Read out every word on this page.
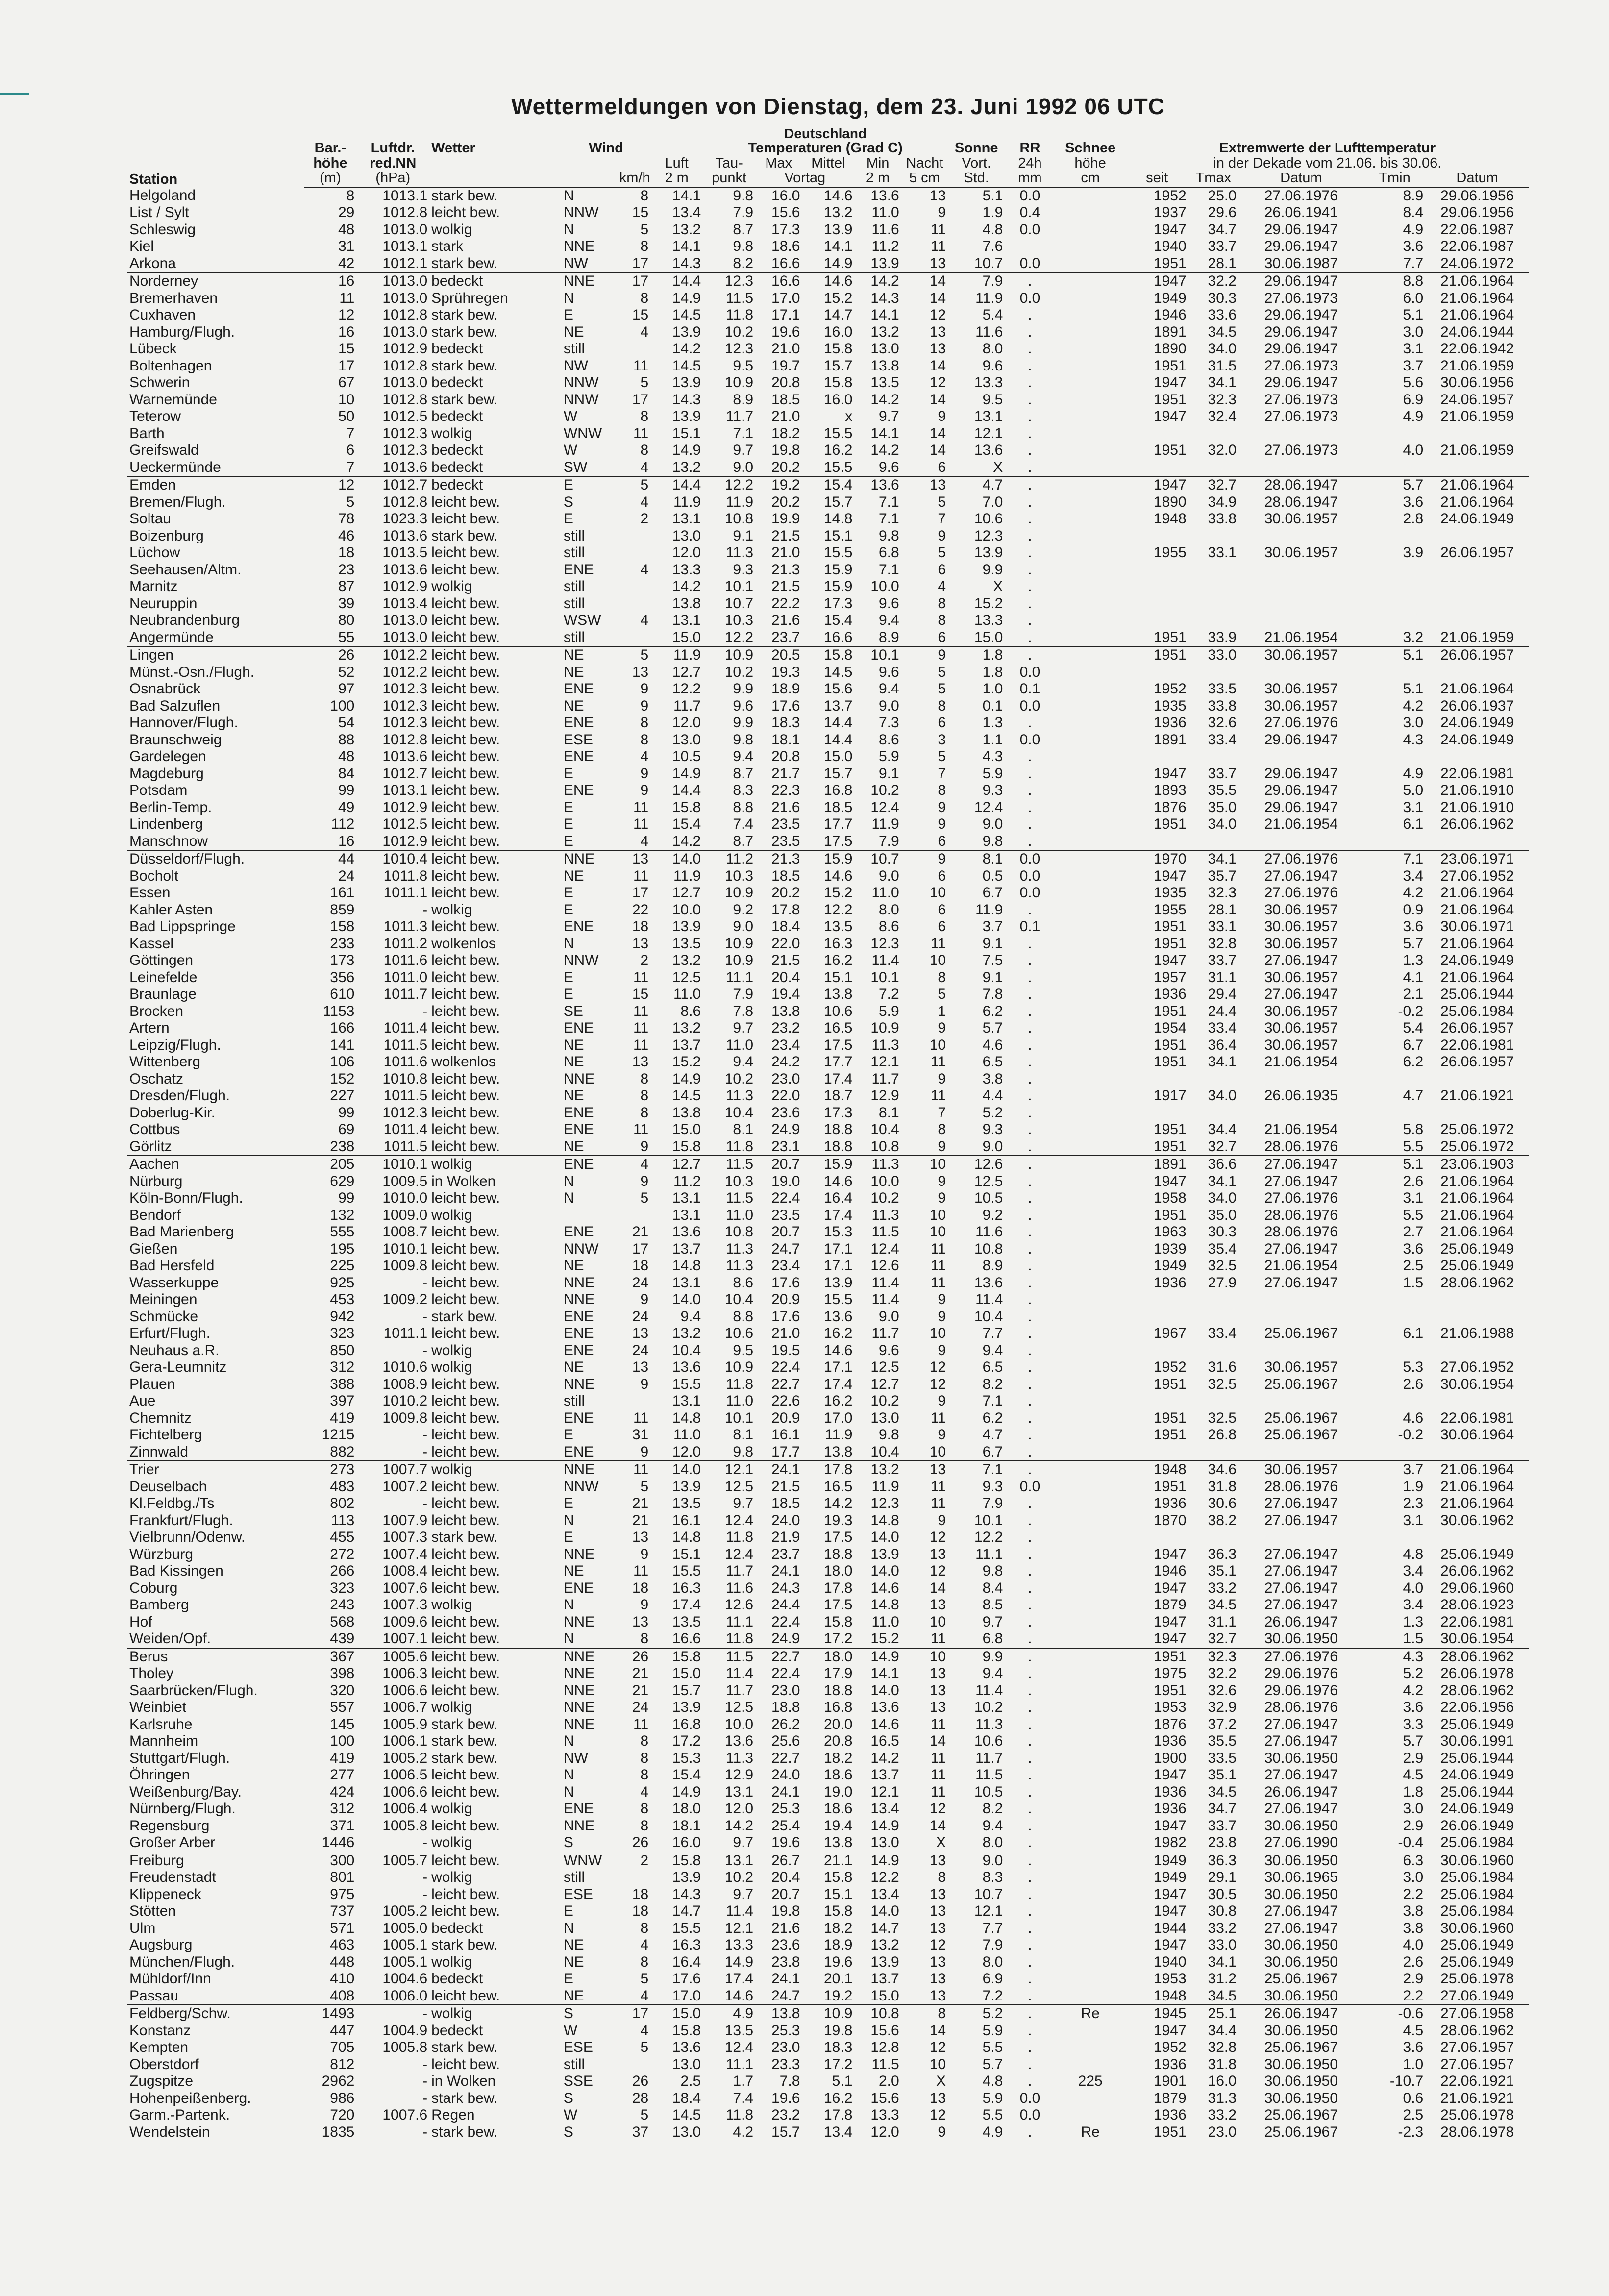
Wettermeldungen von Dienstag, dem 23. Juni 1992 06 UTC
							Deutschland												
Station	Bar.-	Luftdr.	Wetter	Wind			Temperaturen (Grad C)					Sonne	RR	Schnee	Extremwerte der Lufttemperatur				
	höhe	red.NN				Luft	Tau-	Max	Mittel	Min	Nacht	Vort.	24h	höhe	in der Dekade vom 21.06. bis 30.06.				
	(m)	(hPa)			km/h	2 m	punkt	Vortag		2 m	5 cm	Std.	mm	cm	seit	Tmax	Datum	Tmin	Datum
Helgoland	8	1013.1	stark bew.	N	8	14.1	9.8	16.0	14.6	13.6	13	5.1	0.0		1952	25.0	27.06.1976	8.9	29.06.1956
List / Sylt	29	1012.8	leicht bew.	NNW	15	13.4	7.9	15.6	13.2	11.0	9	1.9	0.4		1937	29.6	26.06.1941	8.4	29.06.1956
Schleswig	48	1013.0	wolkig	N	5	13.2	8.7	17.3	13.9	11.6	11	4.8	0.0		1947	34.7	29.06.1947	4.9	22.06.1987
Kiel	31	1013.1	stark	NNE	8	14.1	9.8	18.6	14.1	11.2	11	7.6			1940	33.7	29.06.1947	3.6	22.06.1987
Arkona	42	1012.1	stark bew.	NW	17	14.3	8.2	16.6	14.9	13.9	13	10.7	0.0		1951	28.1	30.06.1987	7.7	24.06.1972
Norderney	16	1013.0	bedeckt	NNE	17	14.4	12.3	16.6	14.6	14.2	14	7.9	.		1947	32.2	29.06.1947	8.8	21.06.1964
Bremerhaven	11	1013.0	Sprühregen	N	8	14.9	11.5	17.0	15.2	14.3	14	11.9	0.0		1949	30.3	27.06.1973	6.0	21.06.1964
Cuxhaven	12	1012.8	stark bew.	E	15	14.5	11.8	17.1	14.7	14.1	12	5.4	.		1946	33.6	29.06.1947	5.1	21.06.1964
Hamburg/Flugh.	16	1013.0	stark bew.	NE	4	13.9	10.2	19.6	16.0	13.2	13	11.6	.		1891	34.5	29.06.1947	3.0	24.06.1944
Lübeck	15	1012.9	bedeckt	still		14.2	12.3	21.0	15.8	13.0	13	8.0	.		1890	34.0	29.06.1947	3.1	22.06.1942
Boltenhagen	17	1012.8	stark bew.	NW	11	14.5	9.5	19.7	15.7	13.8	14	9.6	.		1951	31.5	27.06.1973	3.7	21.06.1959
Schwerin	67	1013.0	bedeckt	NNW	5	13.9	10.9	20.8	15.8	13.5	12	13.3	.		1947	34.1	29.06.1947	5.6	30.06.1956
Warnemünde	10	1012.8	stark bew.	NNW	17	14.3	8.9	18.5	16.0	14.2	14	9.5	.		1951	32.3	27.06.1973	6.9	24.06.1957
Teterow	50	1012.5	bedeckt	W	8	13.9	11.7	21.0	x	9.7	9	13.1	.		1947	32.4	27.06.1973	4.9	21.06.1959
Barth	7	1012.3	wolkig	WNW	11	15.1	7.1	18.2	15.5	14.1	14	12.1	.						
Greifswald	6	1012.3	bedeckt	W	8	14.9	9.7	19.8	16.2	14.2	14	13.6	.		1951	32.0	27.06.1973	4.0	21.06.1959
Ueckermünde	7	1013.6	bedeckt	SW	4	13.2	9.0	20.2	15.5	9.6	6	X	.						
Emden	12	1012.7	bedeckt	E	5	14.4	12.2	19.2	15.4	13.6	13	4.7	.		1947	32.7	28.06.1947	5.7	21.06.1964
Bremen/Flugh.	5	1012.8	leicht bew.	S	4	11.9	11.9	20.2	15.7	7.1	5	7.0	.		1890	34.9	28.06.1947	3.6	21.06.1964
Soltau	78	1023.3	leicht bew.	E	2	13.1	10.8	19.9	14.8	7.1	7	10.6	.		1948	33.8	30.06.1957	2.8	24.06.1949
Boizenburg	46	1013.6	stark bew.	still		13.0	9.1	21.5	15.1	9.8	9	12.3	.						
Lüchow	18	1013.5	leicht bew.	still		12.0	11.3	21.0	15.5	6.8	5	13.9	.		1955	33.1	30.06.1957	3.9	26.06.1957
Seehausen/Altm.	23	1013.6	leicht bew.	ENE	4	13.3	9.3	21.3	15.9	7.1	6	9.9	.						
Marnitz	87	1012.9	wolkig	still		14.2	10.1	21.5	15.9	10.0	4	X	.						
Neuruppin	39	1013.4	leicht bew.	still		13.8	10.7	22.2	17.3	9.6	8	15.2	.						
Neubrandenburg	80	1013.0	leicht bew.	WSW	4	13.1	10.3	21.6	15.4	9.4	8	13.3	.						
Angermünde	55	1013.0	leicht bew.	still		15.0	12.2	23.7	16.6	8.9	6	15.0	.		1951	33.9	21.06.1954	3.2	21.06.1959
Lingen	26	1012.2	leicht bew.	NE	5	11.9	10.9	20.5	15.8	10.1	9	1.8	.		1951	33.0	30.06.1957	5.1	26.06.1957
Münst.-Osn./Flugh.	52	1012.2	leicht bew.	NE	13	12.7	10.2	19.3	14.5	9.6	5	1.8	0.0						
Osnabrück	97	1012.3	leicht bew.	ENE	9	12.2	9.9	18.9	15.6	9.4	5	1.0	0.1		1952	33.5	30.06.1957	5.1	21.06.1964
Bad Salzuflen	100	1012.3	leicht bew.	NE	9	11.7	9.6	17.6	13.7	9.0	8	0.1	0.0		1935	33.8	30.06.1957	4.2	26.06.1937
Hannover/Flugh.	54	1012.3	leicht bew.	ENE	8	12.0	9.9	18.3	14.4	7.3	6	1.3	.		1936	32.6	27.06.1976	3.0	24.06.1949
Braunschweig	88	1012.8	leicht bew.	ESE	8	13.0	9.8	18.1	14.4	8.6	3	1.1	0.0		1891	33.4	29.06.1947	4.3	24.06.1949
Gardelegen	48	1013.6	leicht bew.	ENE	4	10.5	9.4	20.8	15.0	5.9	5	4.3	.						
Magdeburg	84	1012.7	leicht bew.	E	9	14.9	8.7	21.7	15.7	9.1	7	5.9	.		1947	33.7	29.06.1947	4.9	22.06.1981
Potsdam	99	1013.1	leicht bew.	ENE	9	14.4	8.3	22.3	16.8	10.2	8	9.3	.		1893	35.5	29.06.1947	5.0	21.06.1910
Berlin-Temp.	49	1012.9	leicht bew.	E	11	15.8	8.8	21.6	18.5	12.4	9	12.4	.		1876	35.0	29.06.1947	3.1	21.06.1910
Lindenberg	112	1012.5	leicht bew.	E	11	15.4	7.4	23.5	17.7	11.9	9	9.0	.		1951	34.0	21.06.1954	6.1	26.06.1962
Manschnow	16	1012.9	leicht bew.	E	4	14.2	8.7	23.5	17.5	7.9	6	9.8	.						
Düsseldorf/Flugh.	44	1010.4	leicht bew.	NNE	13	14.0	11.2	21.3	15.9	10.7	9	8.1	0.0		1970	34.1	27.06.1976	7.1	23.06.1971
Bocholt	24	1011.8	leicht bew.	NE	11	11.9	10.3	18.5	14.6	9.0	6	0.5	0.0		1947	35.7	27.06.1947	3.4	27.06.1952
Essen	161	1011.1	leicht bew.	E	17	12.7	10.9	20.2	15.2	11.0	10	6.7	0.0		1935	32.3	27.06.1976	4.2	21.06.1964
Kahler Asten	859	-	wolkig	E	22	10.0	9.2	17.8	12.2	8.0	6	11.9	.		1955	28.1	30.06.1957	0.9	21.06.1964
Bad Lippspringe	158	1011.3	leicht bew.	ENE	18	13.9	9.0	18.4	13.5	8.6	6	3.7	0.1		1951	33.1	30.06.1957	3.6	30.06.1971
Kassel	233	1011.2	wolkenlos	N	13	13.5	10.9	22.0	16.3	12.3	11	9.1	.		1951	32.8	30.06.1957	5.7	21.06.1964
Göttingen	173	1011.6	leicht bew.	NNW	2	13.2	10.9	21.5	16.2	11.4	10	7.5	.		1947	33.7	27.06.1947	1.3	24.06.1949
Leinefelde	356	1011.0	leicht bew.	E	11	12.5	11.1	20.4	15.1	10.1	8	9.1	.		1957	31.1	30.06.1957	4.1	21.06.1964
Braunlage	610	1011.7	leicht bew.	E	15	11.0	7.9	19.4	13.8	7.2	5	7.8	.		1936	29.4	27.06.1947	2.1	25.06.1944
Brocken	1153	-	leicht bew.	SE	11	8.6	7.8	13.8	10.6	5.9	1	6.2	.		1951	24.4	30.06.1957	-0.2	25.06.1984
Artern	166	1011.4	leicht bew.	ENE	11	13.2	9.7	23.2	16.5	10.9	9	5.7	.		1954	33.4	30.06.1957	5.4	26.06.1957
Leipzig/Flugh.	141	1011.5	leicht bew.	NE	11	13.7	11.0	23.4	17.5	11.3	10	4.6	.		1951	36.4	30.06.1957	6.7	22.06.1981
Wittenberg	106	1011.6	wolkenlos	NE	13	15.2	9.4	24.2	17.7	12.1	11	6.5	.		1951	34.1	21.06.1954	6.2	26.06.1957
Oschatz	152	1010.8	leicht bew.	NNE	8	14.9	10.2	23.0	17.4	11.7	9	3.8	.						
Dresden/Flugh.	227	1011.5	leicht bew.	NE	8	14.5	11.3	22.0	18.7	12.9	11	4.4	.		1917	34.0	26.06.1935	4.7	21.06.1921
Doberlug-Kir.	99	1012.3	leicht bew.	ENE	8	13.8	10.4	23.6	17.3	8.1	7	5.2	.						
Cottbus	69	1011.4	leicht bew.	ENE	11	15.0	8.1	24.9	18.8	10.4	8	9.3	.		1951	34.4	21.06.1954	5.8	25.06.1972
Görlitz	238	1011.5	leicht bew.	NE	9	15.8	11.8	23.1	18.8	10.8	9	9.0	.		1951	32.7	28.06.1976	5.5	25.06.1972
Aachen	205	1010.1	wolkig	ENE	4	12.7	11.5	20.7	15.9	11.3	10	12.6	.		1891	36.6	27.06.1947	5.1	23.06.1903
Nürburg	629	1009.5	in Wolken	N	9	11.2	10.3	19.0	14.6	10.0	9	12.5	.		1947	34.1	27.06.1947	2.6	21.06.1964
Köln-Bonn/Flugh.	99	1010.0	leicht bew.	N	5	13.1	11.5	22.4	16.4	10.2	9	10.5	.		1958	34.0	27.06.1976	3.1	21.06.1964
Bendorf	132	1009.0	wolkig			13.1	11.0	23.5	17.4	11.3	10	9.2	.		1951	35.0	28.06.1976	5.5	21.06.1964
Bad Marienberg	555	1008.7	leicht bew.	ENE	21	13.6	10.8	20.7	15.3	11.5	10	11.6	.		1963	30.3	28.06.1976	2.7	21.06.1964
Gießen	195	1010.1	leicht bew.	NNW	17	13.7	11.3	24.7	17.1	12.4	11	10.8	.		1939	35.4	27.06.1947	3.6	25.06.1949
Bad Hersfeld	225	1009.8	leicht bew.	NE	18	14.8	11.3	23.4	17.1	12.6	11	8.9	.		1949	32.5	21.06.1954	2.5	25.06.1949
Wasserkuppe	925	-	leicht bew.	NNE	24	13.1	8.6	17.6	13.9	11.4	11	13.6	.		1936	27.9	27.06.1947	1.5	28.06.1962
Meiningen	453	1009.2	leicht bew.	NNE	9	14.0	10.4	20.9	15.5	11.4	9	11.4	.						
Schmücke	942	-	stark bew.	ENE	24	9.4	8.8	17.6	13.6	9.0	9	10.4	.						
Erfurt/Flugh.	323	1011.1	leicht bew.	ENE	13	13.2	10.6	21.0	16.2	11.7	10	7.7	.		1967	33.4	25.06.1967	6.1	21.06.1988
Neuhaus a.R.	850	-	wolkig	ENE	24	10.4	9.5	19.5	14.6	9.6	9	9.4	.						
Gera-Leumnitz	312	1010.6	wolkig	NE	13	13.6	10.9	22.4	17.1	12.5	12	6.5	.		1952	31.6	30.06.1957	5.3	27.06.1952
Plauen	388	1008.9	leicht bew.	NNE	9	15.5	11.8	22.7	17.4	12.7	12	8.2	.		1951	32.5	25.06.1967	2.6	30.06.1954
Aue	397	1010.2	leicht bew.	still		13.1	11.0	22.6	16.2	10.2	9	7.1	.						
Chemnitz	419	1009.8	leicht bew.	ENE	11	14.8	10.1	20.9	17.0	13.0	11	6.2	.		1951	32.5	25.06.1967	4.6	22.06.1981
Fichtelberg	1215	-	leicht bew.	E	31	11.0	8.1	16.1	11.9	9.8	9	4.7	.		1951	26.8	25.06.1967	-0.2	30.06.1964
Zinnwald	882	-	leicht bew.	ENE	9	12.0	9.8	17.7	13.8	10.4	10	6.7	.						
Trier	273	1007.7	wolkig	NNE	11	14.0	12.1	24.1	17.8	13.2	13	7.1	.		1948	34.6	30.06.1957	3.7	21.06.1964
Deuselbach	483	1007.2	leicht bew.	NNW	5	13.9	12.5	21.5	16.5	11.9	11	9.3	0.0		1951	31.8	28.06.1976	1.9	21.06.1964
Kl.Feldbg./Ts	802	-	leicht bew.	E	21	13.5	9.7	18.5	14.2	12.3	11	7.9	.		1936	30.6	27.06.1947	2.3	21.06.1964
Frankfurt/Flugh.	113	1007.9	leicht bew.	N	21	16.1	12.4	24.0	19.3	14.8	9	10.1	.		1870	38.2	27.06.1947	3.1	30.06.1962
Vielbrunn/Odenw.	455	1007.3	stark bew.	E	13	14.8	11.8	21.9	17.5	14.0	12	12.2	.						
Würzburg	272	1007.4	leicht bew.	NNE	9	15.1	12.4	23.7	18.8	13.9	13	11.1	.		1947	36.3	27.06.1947	4.8	25.06.1949
Bad Kissingen	266	1008.4	leicht bew.	NE	11	15.5	11.7	24.1	18.0	14.0	12	9.8	.		1946	35.1	27.06.1947	3.4	26.06.1962
Coburg	323	1007.6	leicht bew.	ENE	18	16.3	11.6	24.3	17.8	14.6	14	8.4	.		1947	33.2	27.06.1947	4.0	29.06.1960
Bamberg	243	1007.3	wolkig	N	9	17.4	12.6	24.4	17.5	14.8	13	8.5	.		1879	34.5	27.06.1947	3.4	28.06.1923
Hof	568	1009.6	leicht bew.	NNE	13	13.5	11.1	22.4	15.8	11.0	10	9.7	.		1947	31.1	26.06.1947	1.3	22.06.1981
Weiden/Opf.	439	1007.1	leicht bew.	N	8	16.6	11.8	24.9	17.2	15.2	11	6.8	.		1947	32.7	30.06.1950	1.5	30.06.1954
Berus	367	1005.6	leicht bew.	NNE	26	15.8	11.5	22.7	18.0	14.9	10	9.9	.		1951	32.3	27.06.1976	4.3	28.06.1962
Tholey	398	1006.3	leicht bew.	NNE	21	15.0	11.4	22.4	17.9	14.1	13	9.4	.		1975	32.2	29.06.1976	5.2	26.06.1978
Saarbrücken/Flugh.	320	1006.6	leicht bew.	NNE	21	15.7	11.7	23.0	18.8	14.0	13	11.4	.		1951	32.6	29.06.1976	4.2	28.06.1962
Weinbiet	557	1006.7	wolkig	NNE	24	13.9	12.5	18.8	16.8	13.6	13	10.2	.		1953	32.9	28.06.1976	3.6	22.06.1956
Karlsruhe	145	1005.9	stark bew.	NNE	11	16.8	10.0	26.2	20.0	14.6	11	11.3	.		1876	37.2	27.06.1947	3.3	25.06.1949
Mannheim	100	1006.1	stark bew.	N	8	17.2	13.6	25.6	20.8	16.5	14	10.6	.		1936	35.5	27.06.1947	5.7	30.06.1991
Stuttgart/Flugh.	419	1005.2	stark bew.	NW	8	15.3	11.3	22.7	18.2	14.2	11	11.7	.		1900	33.5	30.06.1950	2.9	25.06.1944
Öhringen	277	1006.5	leicht bew.	N	8	15.4	12.9	24.0	18.6	13.7	11	11.5	.		1947	35.1	27.06.1947	4.5	24.06.1949
Weißenburg/Bay.	424	1006.6	leicht bew.	N	4	14.9	13.1	24.1	19.0	12.1	11	10.5	.		1936	34.5	26.06.1947	1.8	25.06.1944
Nürnberg/Flugh.	312	1006.4	wolkig	ENE	8	18.0	12.0	25.3	18.6	13.4	12	8.2	.		1936	34.7	27.06.1947	3.0	24.06.1949
Regensburg	371	1005.8	leicht bew.	NNE	8	18.1	14.2	25.4	19.4	14.9	14	9.4	.		1947	33.7	30.06.1950	2.9	26.06.1949
Großer Arber	1446	-	wolkig	S	26	16.0	9.7	19.6	13.8	13.0	X	8.0	.		1982	23.8	27.06.1990	-0.4	25.06.1984
Freiburg	300	1005.7	leicht bew.	WNW	2	15.8	13.1	26.7	21.1	14.9	13	9.0	.		1949	36.3	30.06.1950	6.3	30.06.1960
Freudenstadt	801	-	wolkig	still		13.9	10.2	20.4	15.8	12.2	8	8.3	.		1949	29.1	30.06.1965	3.0	25.06.1984
Klippeneck	975	-	leicht bew.	ESE	18	14.3	9.7	20.7	15.1	13.4	13	10.7	.		1947	30.5	30.06.1950	2.2	25.06.1984
Stötten	737	1005.2	leicht bew.	E	18	14.7	11.4	19.8	15.8	14.0	13	12.1	.		1947	30.8	27.06.1947	3.8	25.06.1984
Ulm	571	1005.0	bedeckt	N	8	15.5	12.1	21.6	18.2	14.7	13	7.7	.		1944	33.2	27.06.1947	3.8	30.06.1960
Augsburg	463	1005.1	stark bew.	NE	4	16.3	13.3	23.6	18.9	13.2	12	7.9	.		1947	33.0	30.06.1950	4.0	25.06.1949
München/Flugh.	448	1005.1	wolkig	NE	8	16.4	14.9	23.8	19.6	13.9	13	8.0	.		1940	34.1	30.06.1950	2.6	25.06.1949
Mühldorf/Inn	410	1004.6	bedeckt	E	5	17.6	17.4	24.1	20.1	13.7	13	6.9	.		1953	31.2	25.06.1967	2.9	25.06.1978
Passau	408	1006.0	leicht bew.	NE	4	17.0	14.6	24.7	19.2	15.0	13	7.2	.		1948	34.5	30.06.1950	2.2	27.06.1949
Feldberg/Schw.	1493	-	wolkig	S	17	15.0	4.9	13.8	10.9	10.8	8	5.2	.	Re	1945	25.1	26.06.1947	-0.6	27.06.1958
Konstanz	447	1004.9	bedeckt	W	4	15.8	13.5	25.3	19.8	15.6	14	5.9	.		1947	34.4	30.06.1950	4.5	28.06.1962
Kempten	705	1005.8	stark bew.	ESE	5	13.6	12.4	23.0	18.3	12.8	12	5.5	.		1952	32.8	25.06.1967	3.6	27.06.1957
Oberstdorf	812	-	leicht bew.	still		13.0	11.1	23.3	17.2	11.5	10	5.7	.		1936	31.8	30.06.1950	1.0	27.06.1957
Zugspitze	2962	-	in Wolken	SSE	26	2.5	1.7	7.8	5.1	2.0	X	4.8	.	225	1901	16.0	30.06.1950	-10.7	22.06.1921
Hohenpeißenberg.	986	-	stark bew.	S	28	18.4	7.4	19.6	16.2	15.6	13	5.9	0.0		1879	31.3	30.06.1950	0.6	21.06.1921
Garm.-Partenk.	720	1007.6	Regen	W	5	14.5	11.8	23.2	17.8	13.3	12	5.5	0.0		1936	33.2	25.06.1967	2.5	25.06.1978
Wendelstein	1835	-	stark bew.	S	37	13.0	4.2	15.7	13.4	12.0	9	4.9	.	Re	1951	23.0	25.06.1967	-2.3	28.06.1978
